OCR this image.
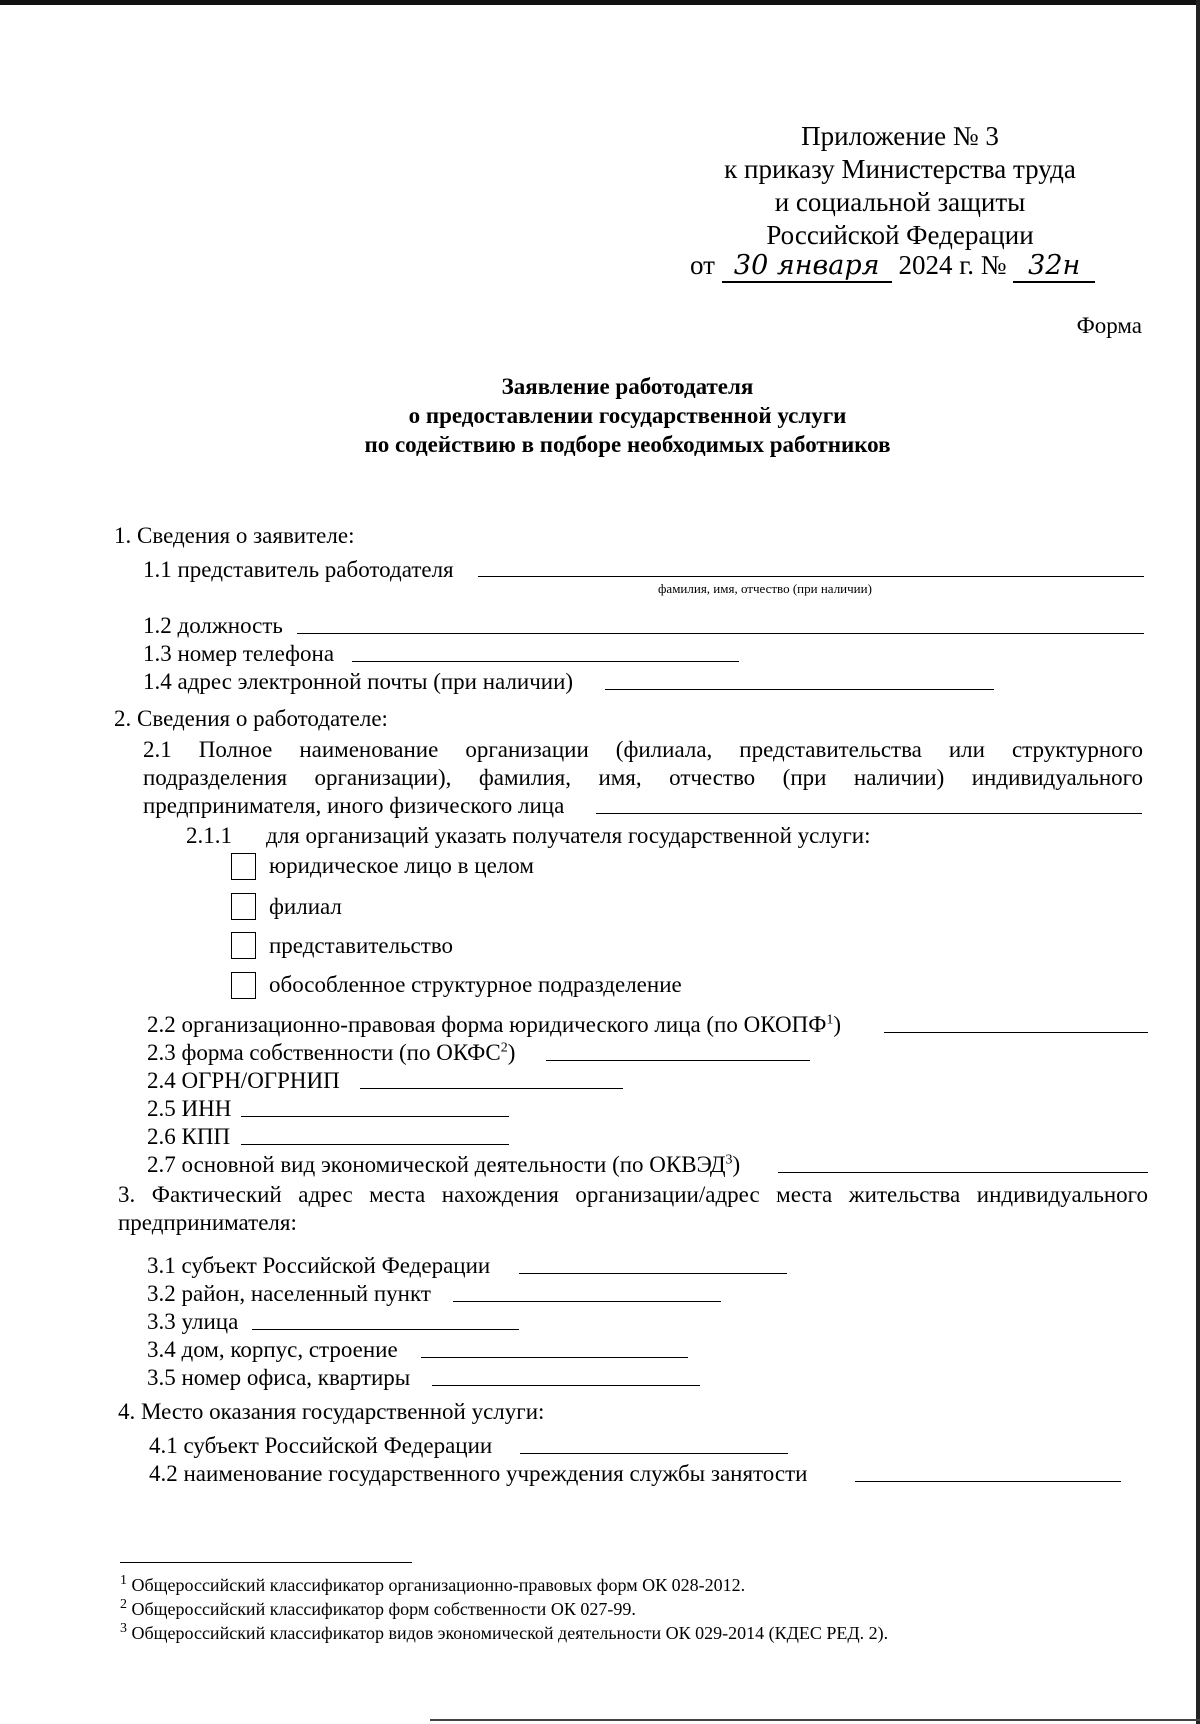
Приложение № 3
к приказу Министерства труда
и социальной защиты
Российской Федерации
от 30 января 2024 г. № 32н
Форма
Заявление работодателя
о предоставлении государственной услуги
по содействию в подборе необходимых работников
1. Сведения о заявителе:
1.1 представитель работодателя
фамилия, имя, отчество (при наличии)
1.2 должность
1.3 номер телефона
1.4 адрес электронной почты (при наличии)
2. Сведения о работодателе:
2.1 Полное наименование организации (филиала, представительства или структурного подразделения организации), фамилия, имя, отчество (при наличии) индивидуального предпринимателя, иного физического лица
2.1.1 для организаций указать получателя государственной услуги:
юридическое лицо в целом
филиал
представительство
обособленное структурное подразделение
2.2 организационно-правовая форма юридического лица (по ОКОПФ$^1$)
2.3 форма собственности (по ОКФС$^2$)
2.4 ОГРН/ОГРНИП
2.5 ИНН
2.6 КПП
2.7 основной вид экономической деятельности (по ОКВЭД$^3$)
3. Фактический адрес места нахождения организации/адрес места жительства индивидуального предпринимателя:
3.1 субъект Российской Федерации
3.2 район, населенный пункт
3.3 улица
3.4 дом, корпус, строение
3.5 номер офиса, квартиры
4. Место оказания государственной услуги:
4.1 субъект Российской Федерации
4.2 наименование государственного учреждения службы занятости
$^1$ Общероссийский классификатор организационно-правовых форм ОК 028-2012.
$^2$ Общероссийский классификатор форм собственности ОК 027-99.
$^3$ Общероссийский классификатор видов экономической деятельности ОК 029-2014 (КДЕС РЕД. 2).
